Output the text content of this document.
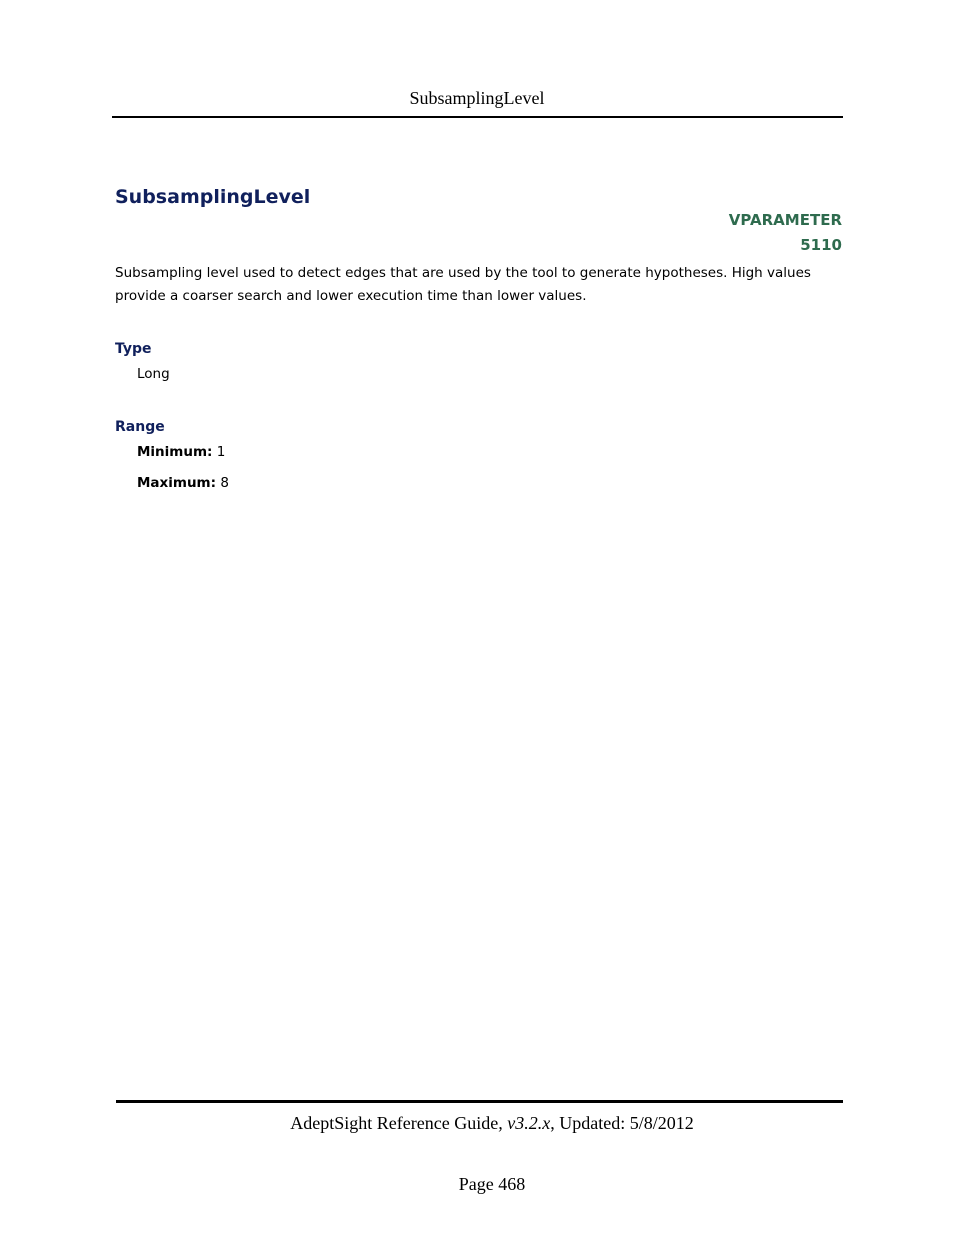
SubsamplingLevel
SubsamplingLevel
VPARAMETER
5110

Subsampling level used to detect edges that are used by the tool to generate hypotheses. High values provide a coarser search and lower execution time than lower values.

Type
Long
Range
Minimum: 1
Maximum: 8
AdeptSight Reference Guide, v3.2.x, Updated: 5/8/2012
Page 468
